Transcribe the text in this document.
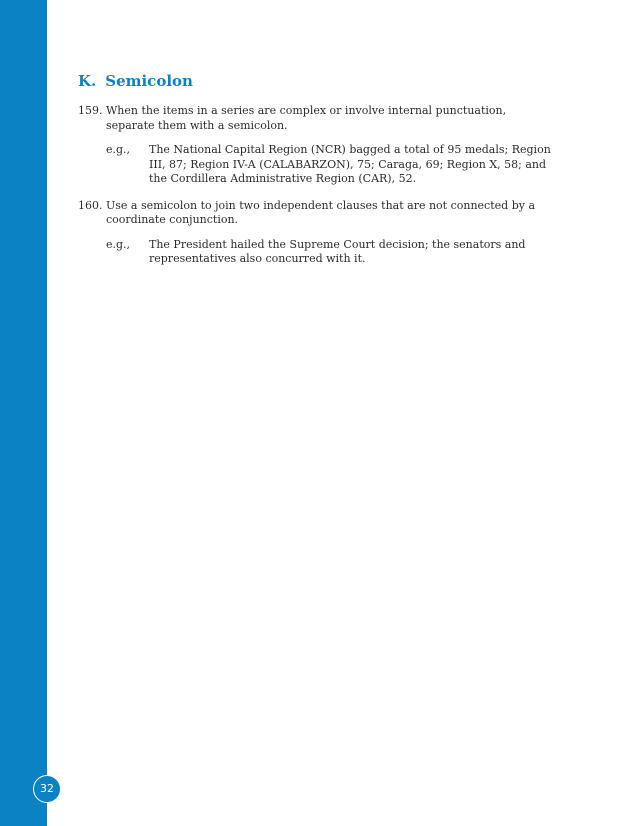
K. Semicolon
159. When the items in a series are complex or involve internal punctuation, separate them with a semicolon.
e.g.,	The National Capital Region (NCR) bagged a total of 95 medals; Region III, 87; Region IV-A (CALABARZON), 75; Caraga, 69; Region X, 58; and the Cordillera Administrative Region (CAR), 52.
160. Use a semicolon to join two independent clauses that are not connected by a coordinate conjunction.
e.g.,	The President hailed the Supreme Court decision; the senators and representatives also concurred with it.
32
